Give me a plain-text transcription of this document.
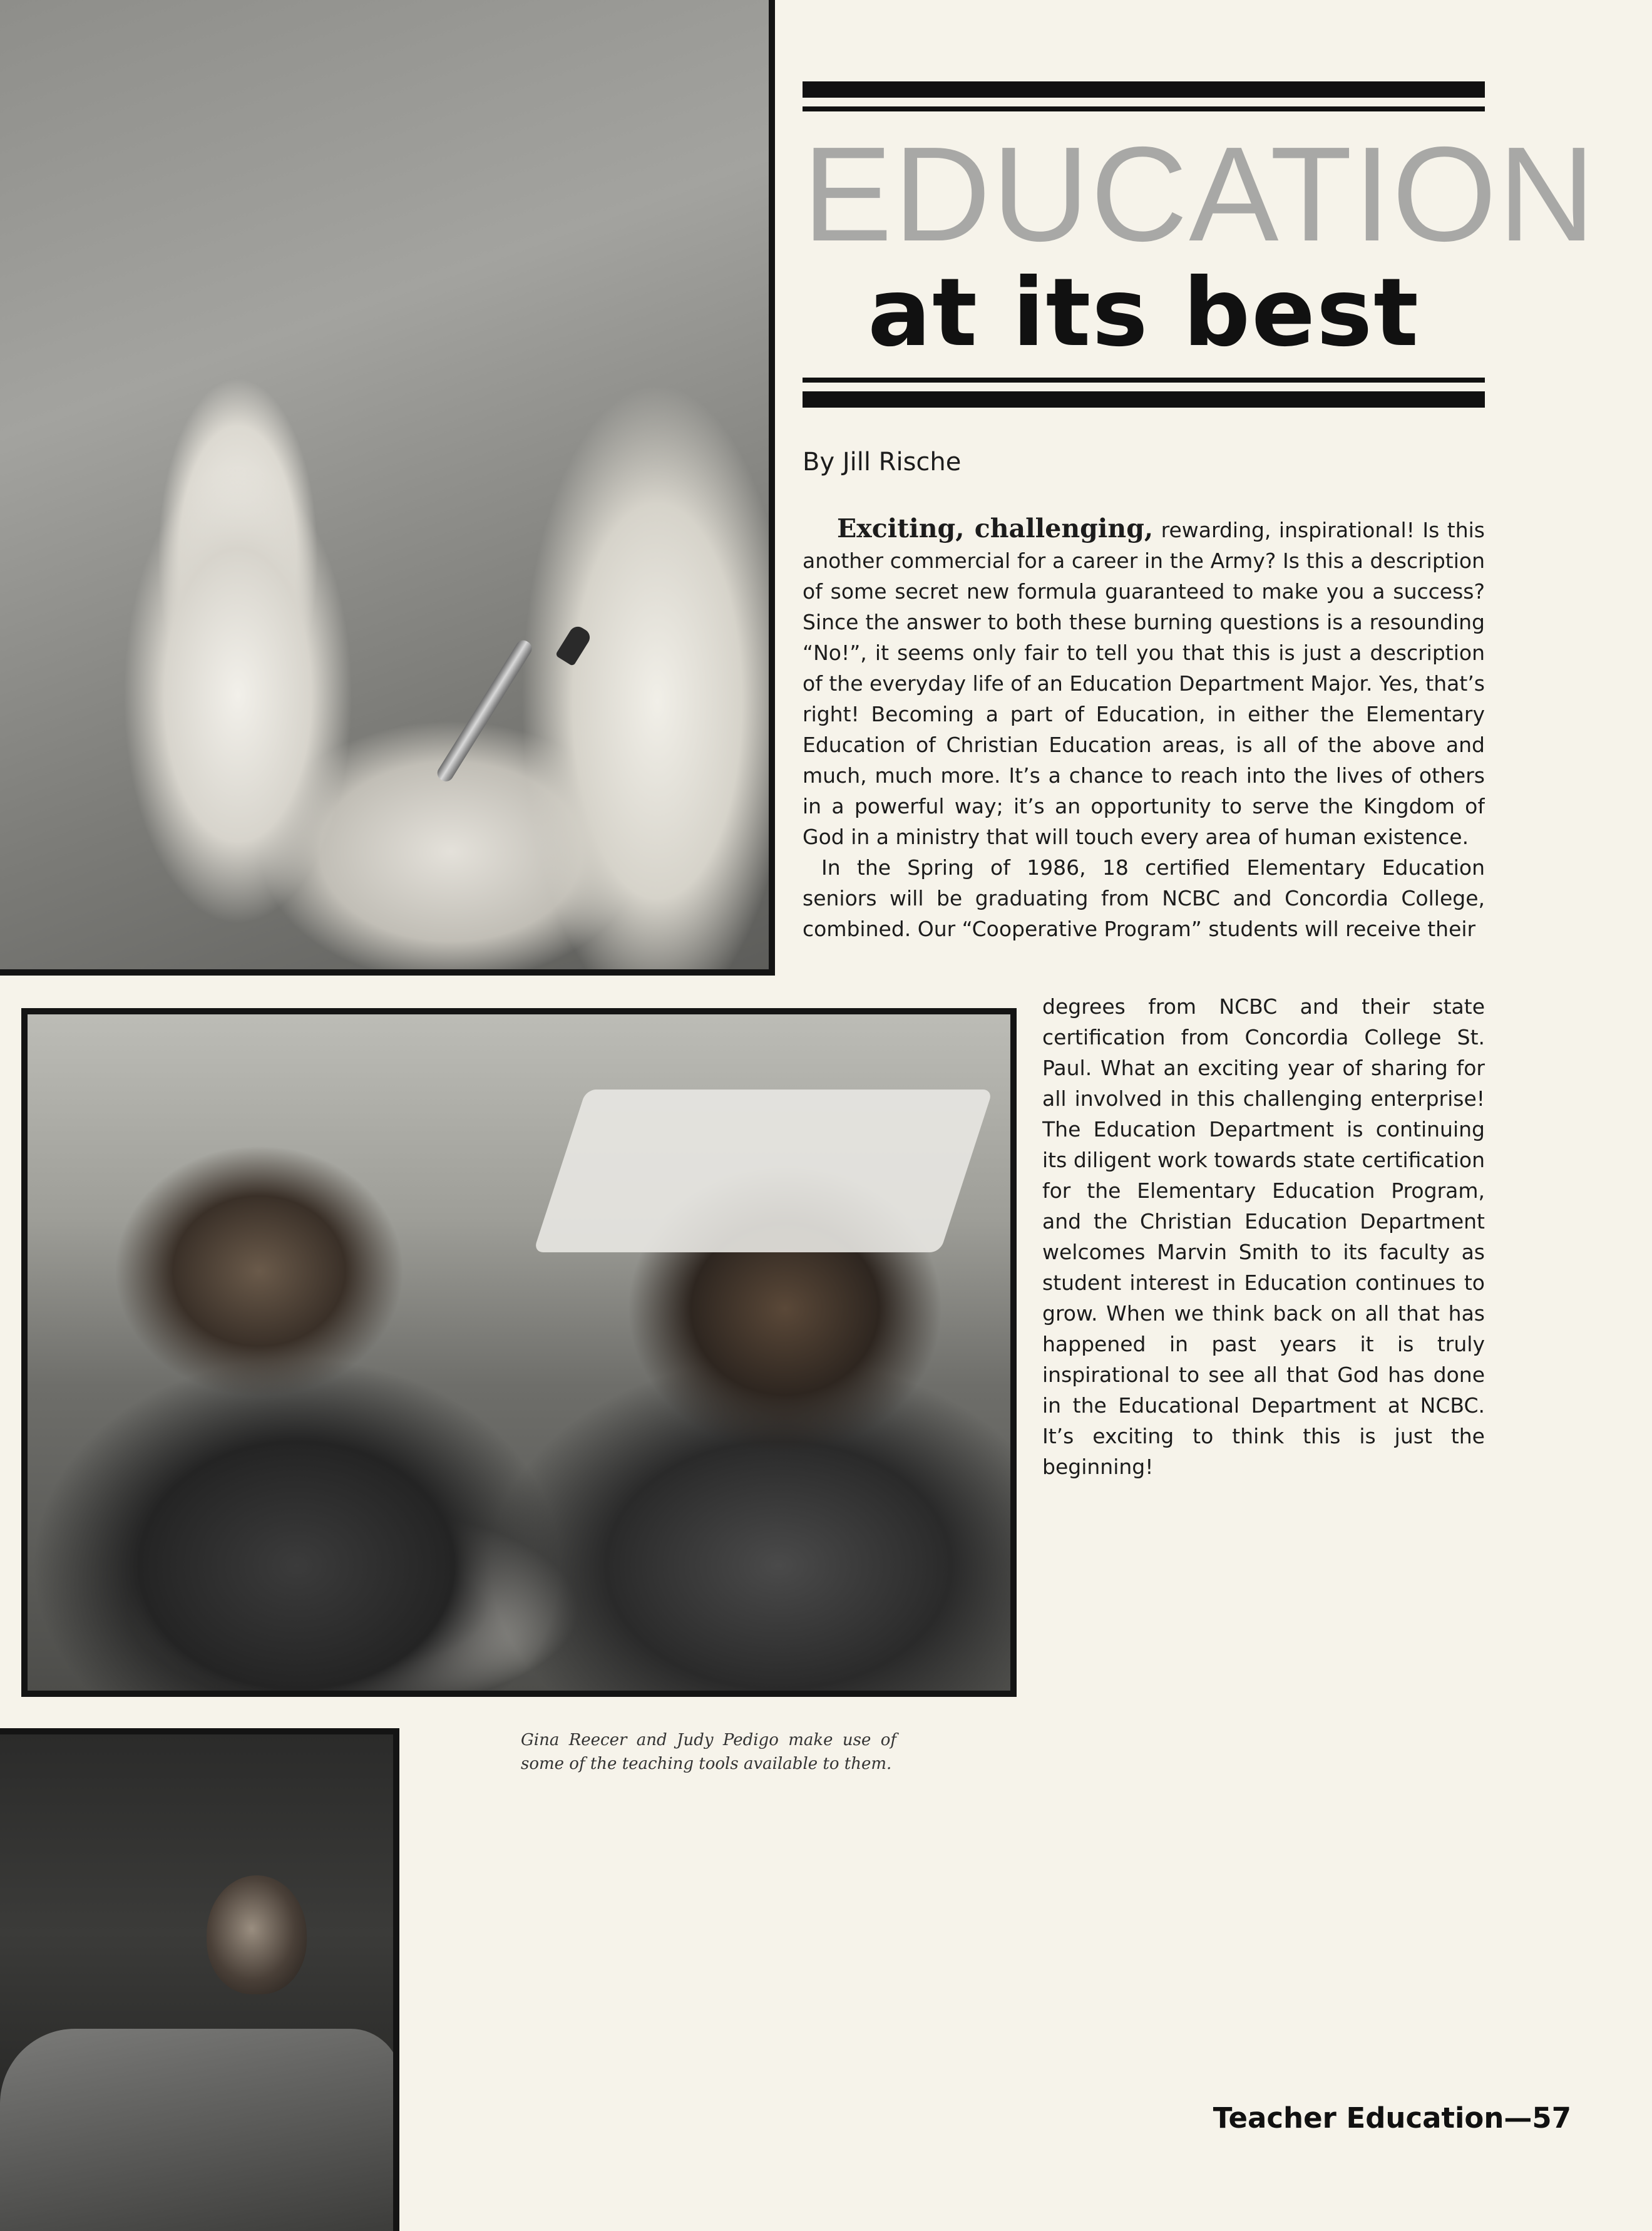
EDUCATION
at its best
By Jill Rische

Exciting, challenging, rewarding, inspirational! Is this another commercial for a career in the Army? Is this a description of some secret new formula guaranteed to make you a success? Since the answer to both these burning questions is a resounding “No!”, it seems only fair to tell you that this is just a description of the everyday life of an Education Department Major. Yes, that’s right! Becoming a part of Education, in either the Elementary Education of Christian Education areas, is all of the above and much, much more. It’s a chance to reach into the lives of others in a powerful way; it’s an opportunity to serve the Kingdom of God in a ministry that will touch every area of human existence.

In the Spring of 1986, 18 certified Elementary Education seniors will be graduating from NCBC and Concordia College, combined. Our “Cooperative Program” students will receive their

degrees from NCBC and their state certification from Concordia College St. Paul. What an exciting year of sharing for all involved in this challenging enterprise! The Education Department is continuing its diligent work towards state certification for the Elementary Education Program, and the Christian Education Department welcomes Marvin Smith to its faculty as student interest in Education continues to grow. When we think back on all that has happened in past years it is truly inspirational to see all that God has done in the Educational Department at NCBC. It’s exciting to think this is just the beginning!

Gina Reecer and Judy Pedigo make use of some of the teaching tools available to them.

Teacher Education—57
